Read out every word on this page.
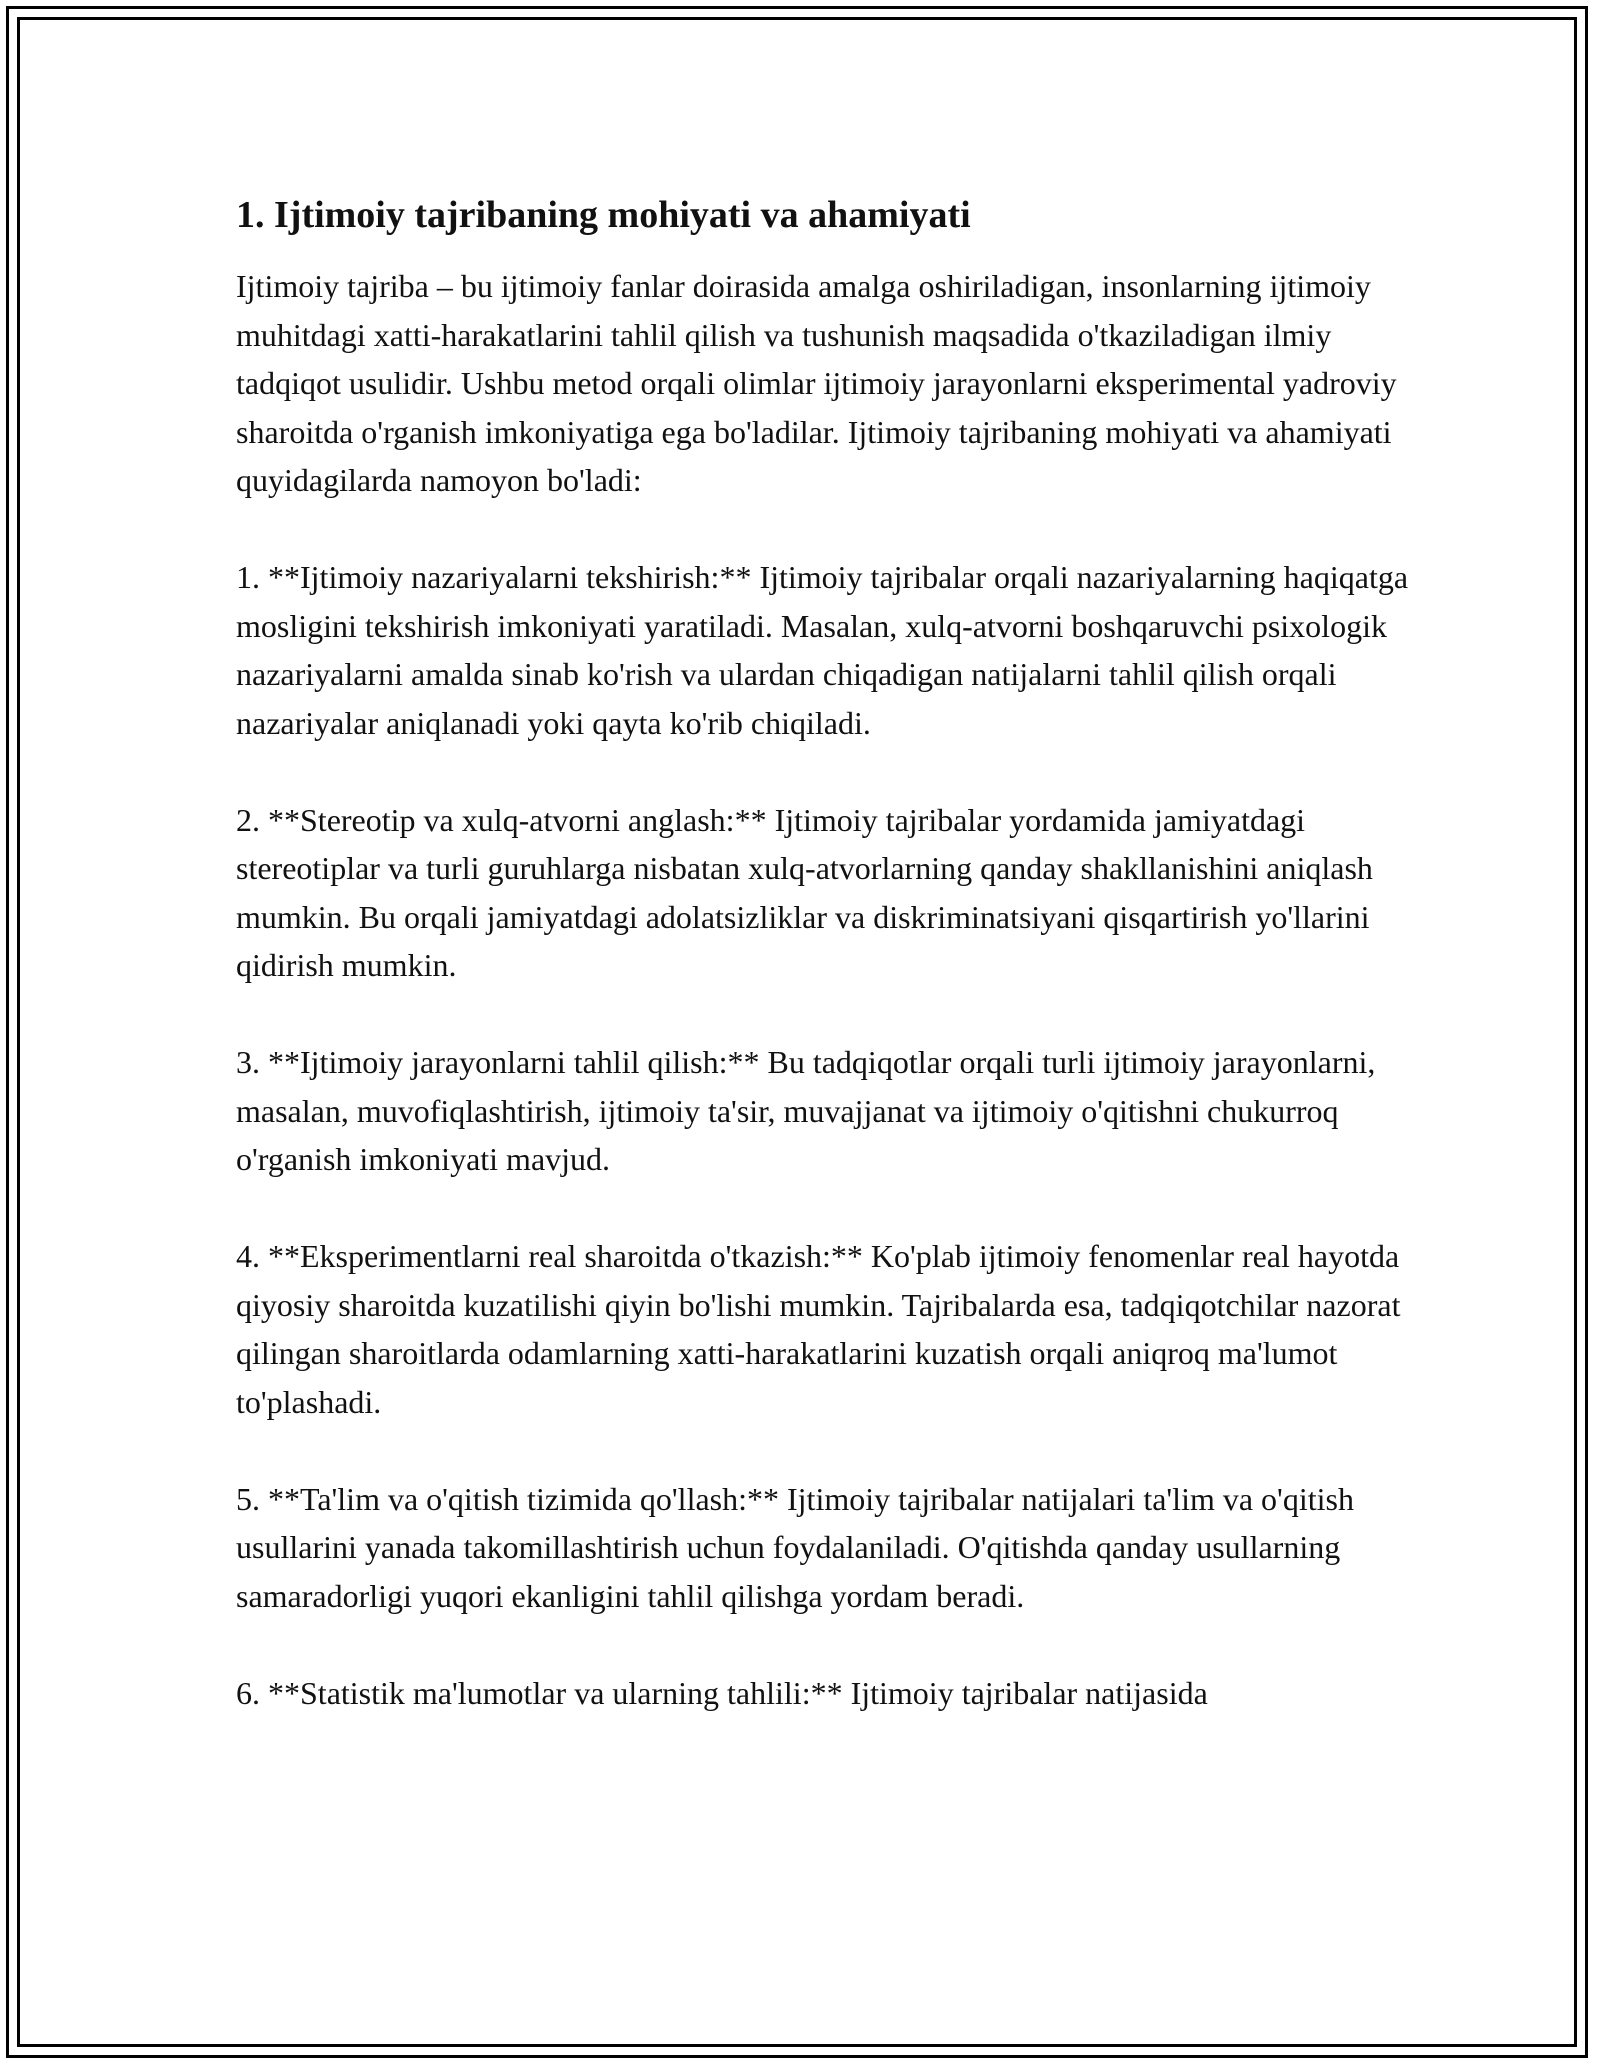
1. Ijtimoiy tajribaning mohiyati va ahamiyati

Ijtimoiy tajriba – bu ijtimoiy fanlar doirasida amalga oshiriladigan, insonlarning ijtimoiy muhitdagi xatti-harakatlarini tahlil qilish va tushunish maqsadida o'tkaziladigan ilmiy tadqiqot usulidir. Ushbu metod orqali olimlar ijtimoiy jarayonlarni eksperimental yadroviy sharoitda o'rganish imkoniyatiga ega bo'ladilar. Ijtimoiy tajribaning mohiyati va ahamiyati quyidagilarda namoyon bo'ladi:

1. **Ijtimoiy nazariyalarni tekshirish:** Ijtimoiy tajribalar orqali nazariyalarning haqiqatga mosligini tekshirish imkoniyati yaratiladi. Masalan, xulq-atvorni boshqaruvchi psixologik nazariyalarni amalda sinab ko'rish va ulardan chiqadigan natijalarni tahlil qilish orqali nazariyalar aniqlanadi yoki qayta ko'rib chiqiladi.

2. **Stereotip va xulq-atvorni anglash:** Ijtimoiy tajribalar yordamida jamiyatdagi stereotiplar va turli guruhlarga nisbatan xulq-atvorlarning qanday shakllanishini aniqlash mumkin. Bu orqali jamiyatdagi adolatsizliklar va diskriminatsiyani qisqartirish yo'llarini qidirish mumkin.

3. **Ijtimoiy jarayonlarni tahlil qilish:** Bu tadqiqotlar orqali turli ijtimoiy jarayonlarni, masalan, muvofiqlashtirish, ijtimoiy ta'sir, muvajjanat va ijtimoiy o'qitishni chukurroq o'rganish imkoniyati mavjud.

4. **Eksperimentlarni real sharoitda o'tkazish:** Ko'plab ijtimoiy fenomenlar real hayotda qiyosiy sharoitda kuzatilishi qiyin bo'lishi mumkin. Tajribalarda esa, tadqiqotchilar nazorat qilingan sharoitlarda odamlarning xatti-harakatlarini kuzatish orqali aniqroq ma'lumot to'plashadi.

5. **Ta'lim va o'qitish tizimida qo'llash:** Ijtimoiy tajribalar natijalari ta'lim va o'qitish usullarini yanada takomillashtirish uchun foydalaniladi. O'qitishda qanday usullarning samaradorligi yuqori ekanligini tahlil qilishga yordam beradi.

6. **Statistik ma'lumotlar va ularning tahlili:** Ijtimoiy tajribalar natijasida
